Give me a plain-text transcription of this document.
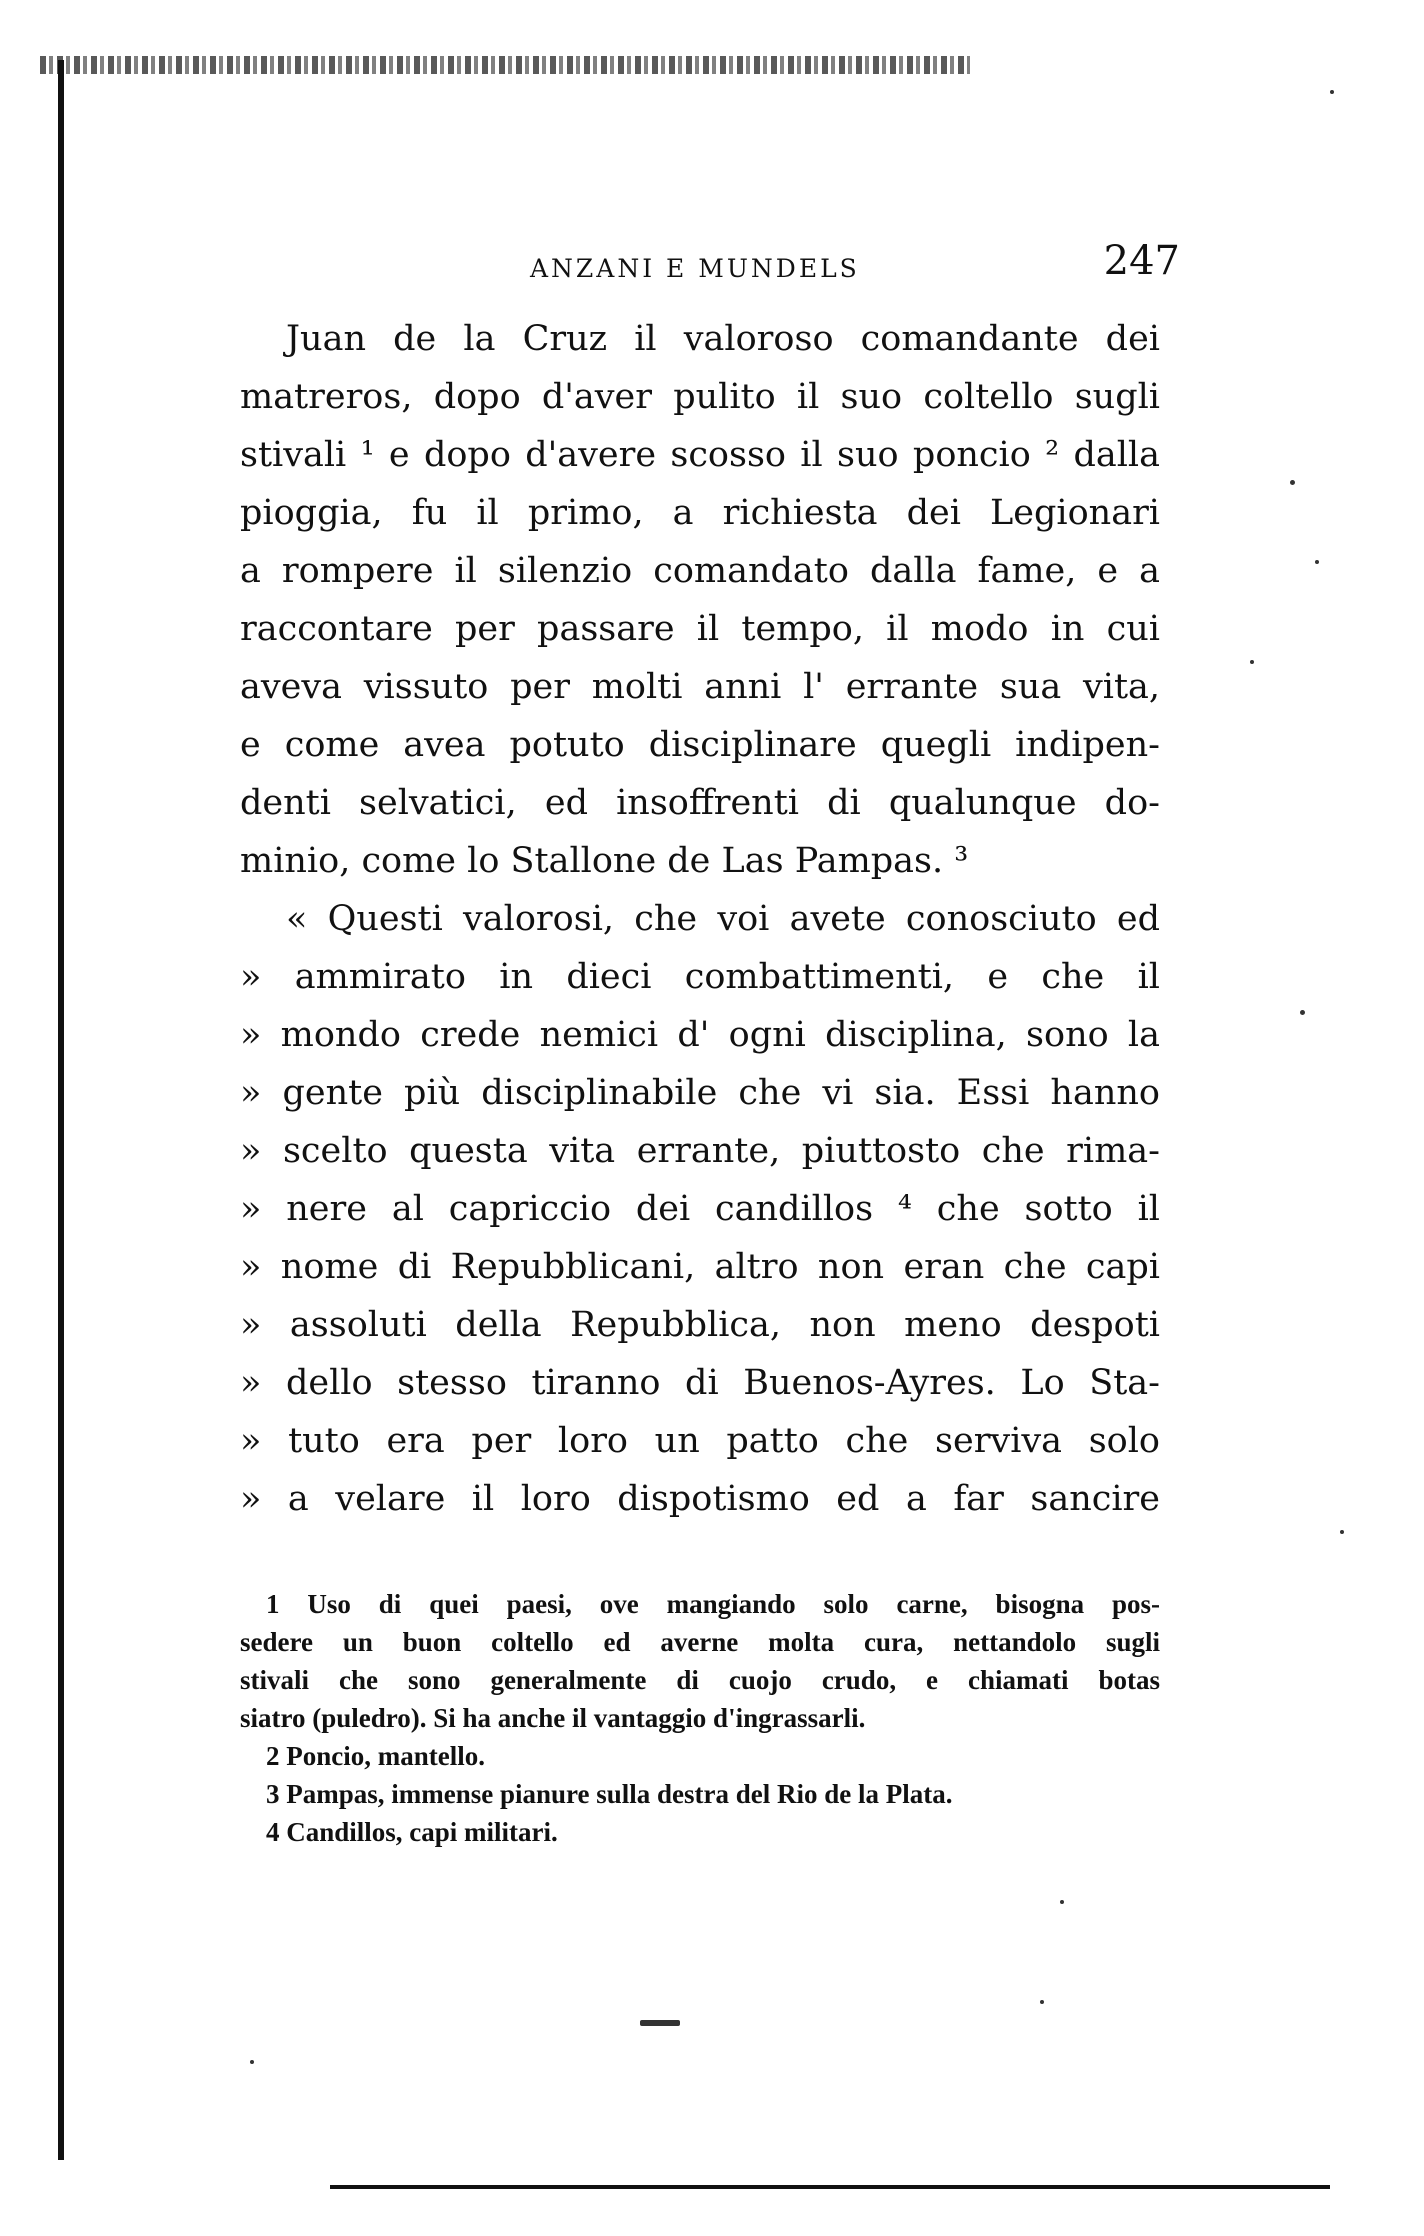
ANZANI E MUNDELS	247
Juan de la Cruz il valoroso comandante dei
matreros, dopo d'aver pulito il suo coltello sugli
stivali ¹ e dopo d'avere scosso il suo poncio ² dalla
pioggia, fu il primo, a richiesta dei Legionari
a rompere il silenzio comandato dalla fame, e a
raccontare per passare il tempo, il modo in cui
aveva vissuto per molti anni l' errante sua vita,
e come avea potuto disciplinare quegli indipen-
denti selvatici, ed insoffrenti di qualunque do-
minio, come lo Stallone de Las Pampas. ³
« Questi valorosi, che voi avete conosciuto ed
» ammirato in dieci combattimenti, e che il
» mondo crede nemici d' ogni disciplina, sono la
» gente più disciplinabile che vi sia. Essi hanno
» scelto questa vita errante, piuttosto che rima-
» nere al capriccio dei candillos ⁴ che sotto il
» nome di Repubblicani, altro non eran che capi
» assoluti della Repubblica, non meno despoti
» dello stesso tiranno di Buenos-Ayres. Lo Sta-
» tuto era per loro un patto che serviva solo
» a velare il loro dispotismo ed a far sancire
1 Uso di quei paesi, ove mangiando solo carne, bisogna pos-
sedere un buon coltello ed averne molta cura, nettandolo sugli
stivali che sono generalmente di cuojo crudo, e chiamati botas
siatro (puledro). Si ha anche il vantaggio d'ingrassarli.
2 Poncio, mantello.
3 Pampas, immense pianure sulla destra del Rio de la Plata.
4 Candillos, capi militari.
